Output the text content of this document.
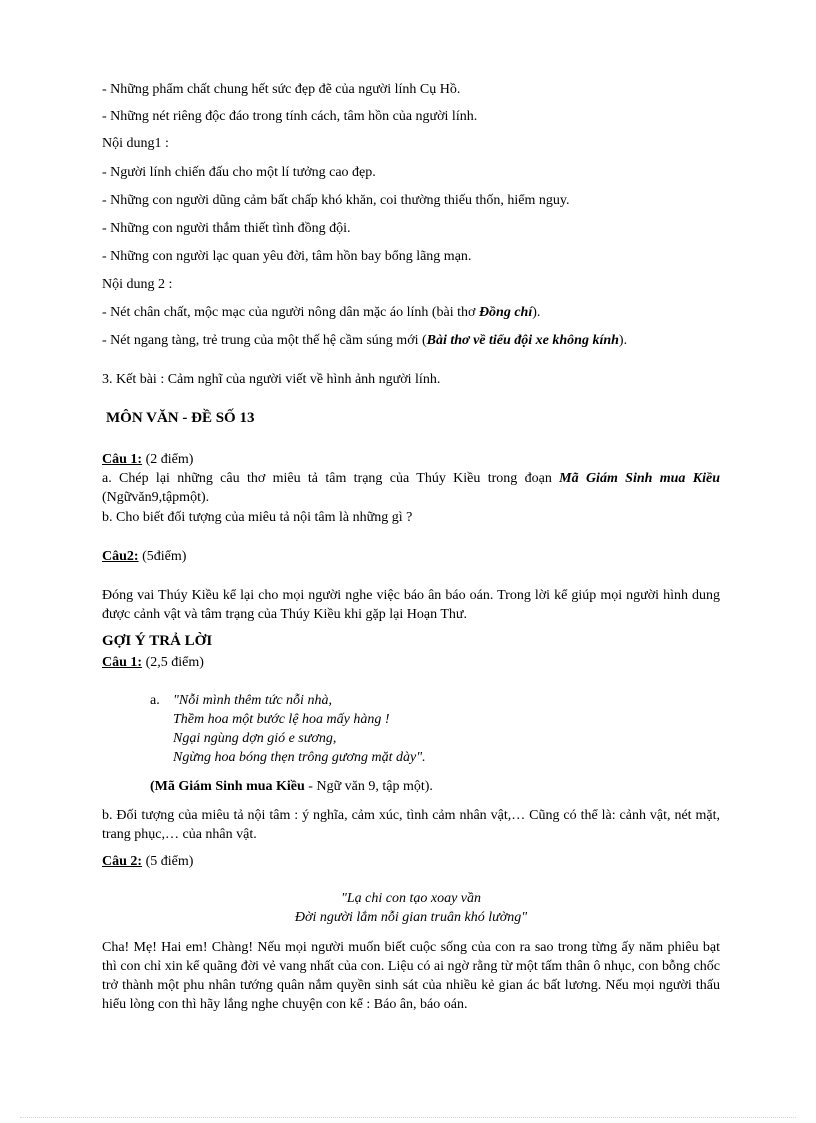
- Những phẩm chất chung hết sức đẹp đẽ của người lính Cụ Hồ.
- Những nét riêng độc đáo trong tính cách, tâm hồn của người lính.
Nội dung1 :
- Người lính chiến đấu cho một lí tưởng cao đẹp.
- Những con người dũng cảm bất chấp khó khăn, coi thường thiếu thốn, hiểm nguy.
- Những con người thắm thiết tình đồng đội.
- Những con người lạc quan yêu đời, tâm hồn bay bổng lãng mạn.
Nội dung 2 :
- Nét chân chất, mộc mạc của người nông dân mặc áo lính (bài thơ Đồng chí).
- Nét ngang tàng, trẻ trung của một thế hệ cầm súng mới (Bài thơ về tiểu đội xe không kính).
3. Kết bài : Cảm nghĩ của người viết về hình ảnh người lính.
MÔN VĂN - ĐỀ SỐ 13
Câu 1: (2 điểm)
a. Chép lại những câu thơ miêu tả tâm trạng của Thúy Kiều trong đoạn Mã Giám Sinh mua Kiều (Ngữvăn9,tậpmột).
b. Cho biết đối tượng của miêu tả nội tâm là những gì ?
Câu2: (5điểm)
Đóng vai Thúy Kiều kể lại cho mọi người nghe việc báo ân báo oán. Trong lời kể giúp mọi người hình dung được cảnh vật và tâm trạng của Thúy Kiều khi gặp lại Hoạn Thư.
GỢI Ý TRẢ LỜI
Câu 1: (2,5 điểm)
a. "Nỗi mình thêm tức nỗi nhà,
Thềm hoa một bước lệ hoa mấy hàng !
Ngại ngùng dợn gió e sương,
Ngừng hoa bóng thẹn trông gương mặt dày".
(Mã Giám Sinh mua Kiều - Ngữ văn 9, tập một).
b. Đối tượng của miêu tả nội tâm : ý nghĩa, cảm xúc, tình cảm nhân vật,… Cũng có thể là: cảnh vật, nét mặt, trang phục,… của nhân vật.
Câu 2: (5 điểm)
"Lạ chi con tạo xoay vần
Đời người lắm nỗi gian truân khó lường"
Cha! Mẹ! Hai em! Chàng! Nếu mọi người muốn biết cuộc sống của con ra sao trong từng ấy năm phiêu bạt thì con chỉ xin kể quãng đời vẻ vang nhất của con. Liệu có ai ngờ rằng từ một tấm thân ô nhục, con bỗng chốc trở thành một phu nhân tướng quân nắm quyền sinh sát của nhiều kẻ gian ác bất lương. Nếu mọi người thấu hiểu lòng con thì hãy lắng nghe chuyện con kể : Báo ân, báo oán.
